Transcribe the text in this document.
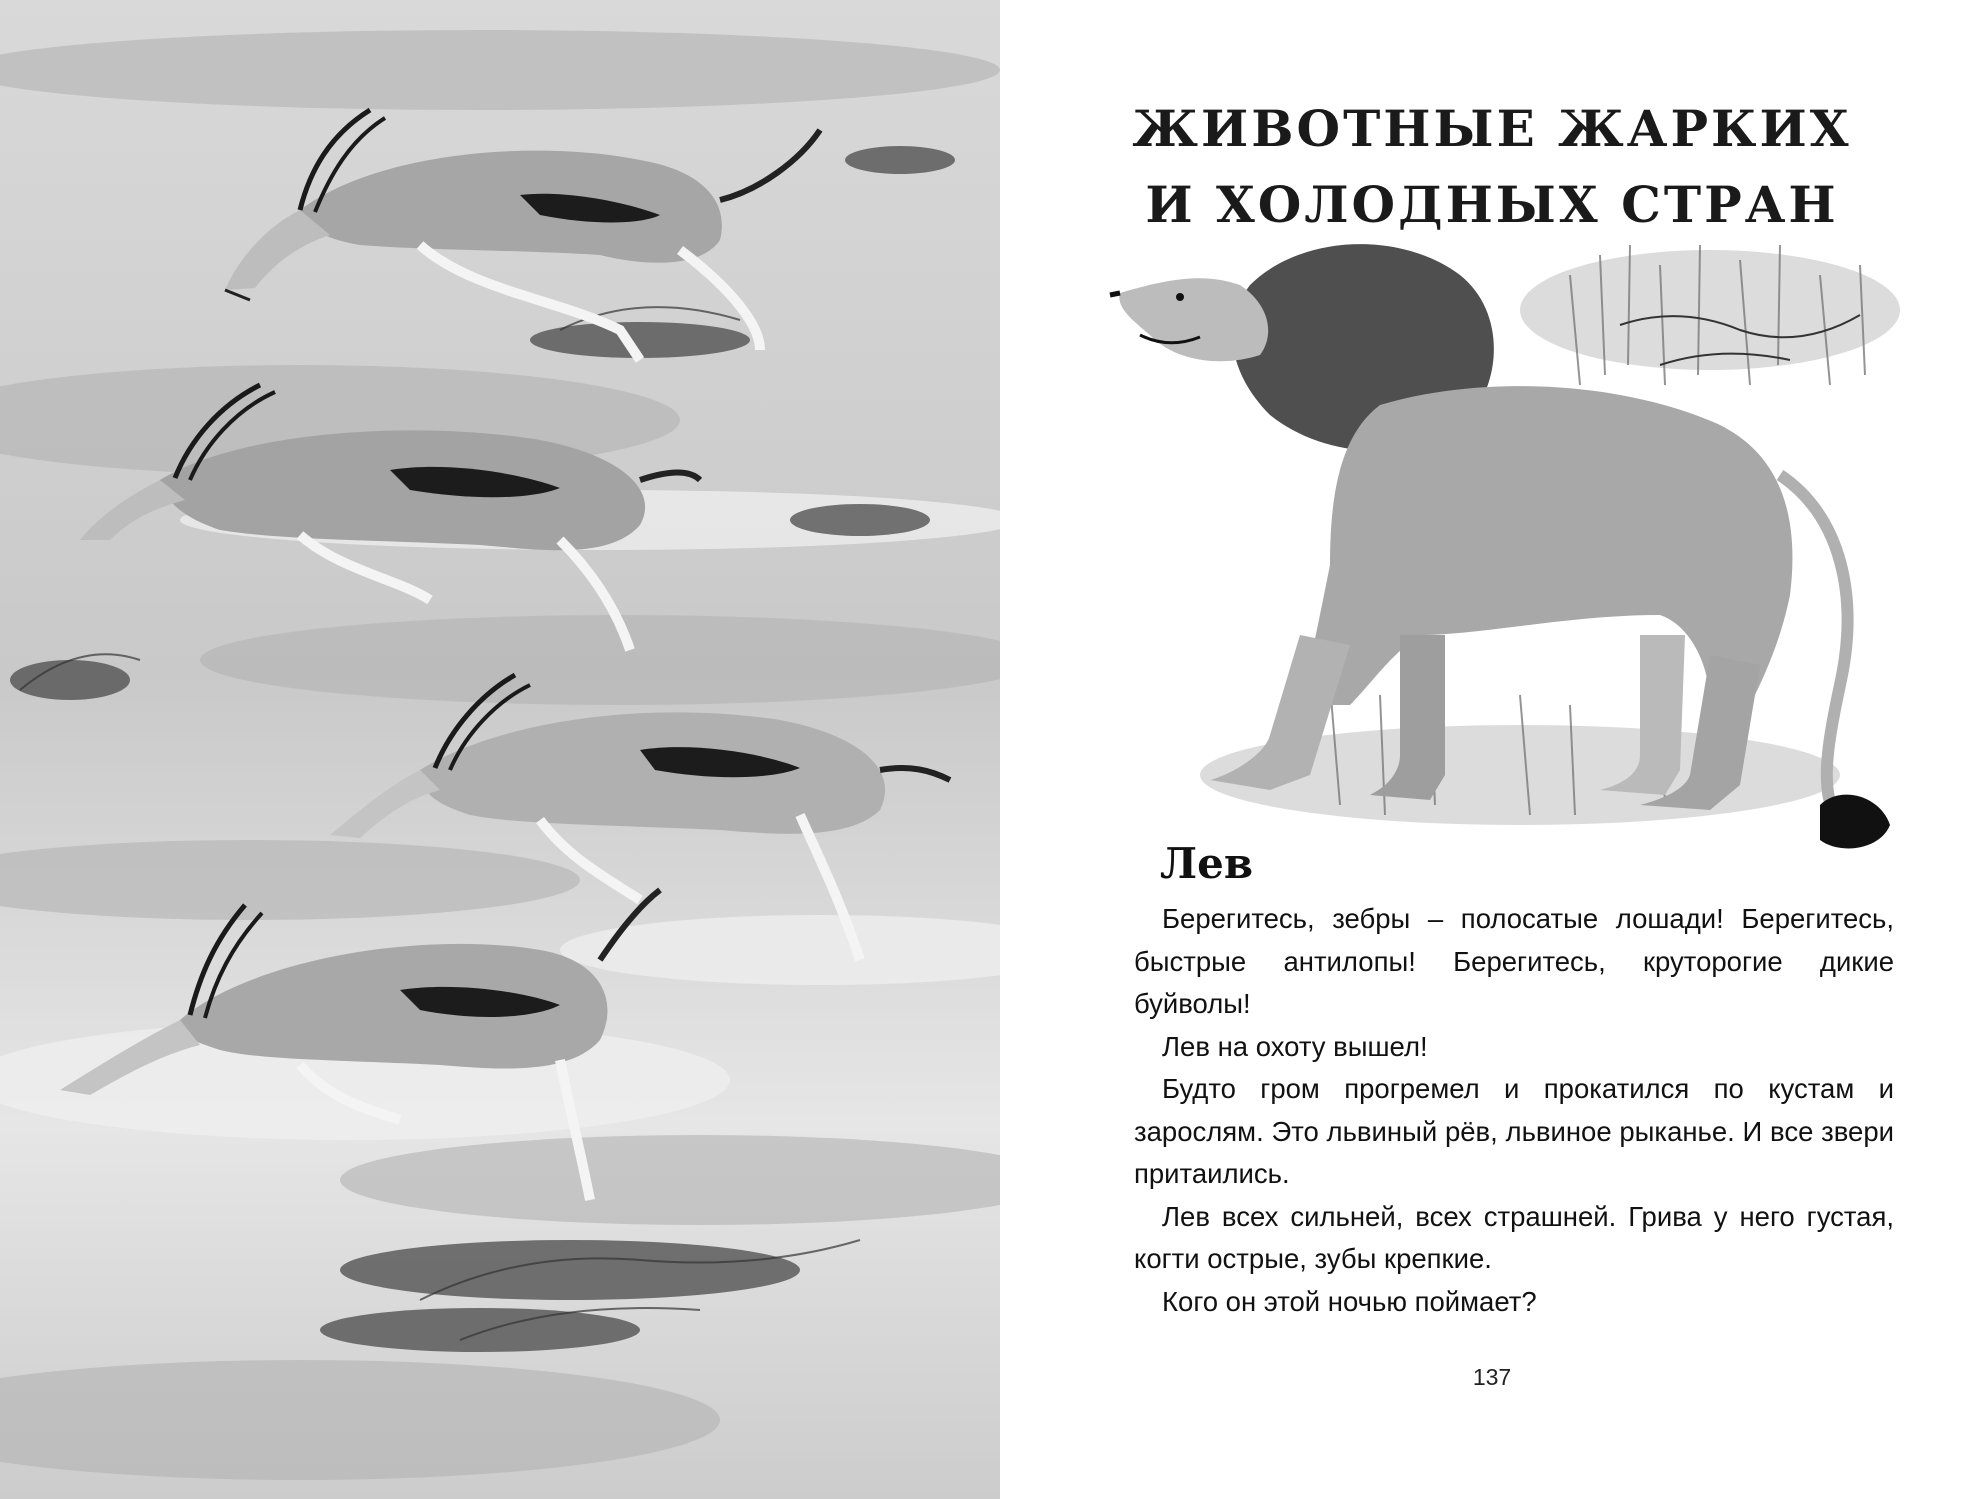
ЖИВОТНЫЕ ЖАРКИХ
И ХОЛОДНЫХ СТРАН
Лев

Берегитесь, зебры – полосатые лошади! Берегитесь, быстрые антилопы! Берегитесь, круторогие дикие буйволы!

Лев на охоту вышел!

Будто гром прогремел и прокатился по кустам и зарослям. Это львиный рёв, львиное рыканье. И все звери притаились.

Лев всех сильней, всех страшней. Грива у него густая, когти острые, зубы крепкие.

Кого он этой ночью поймает?

137
